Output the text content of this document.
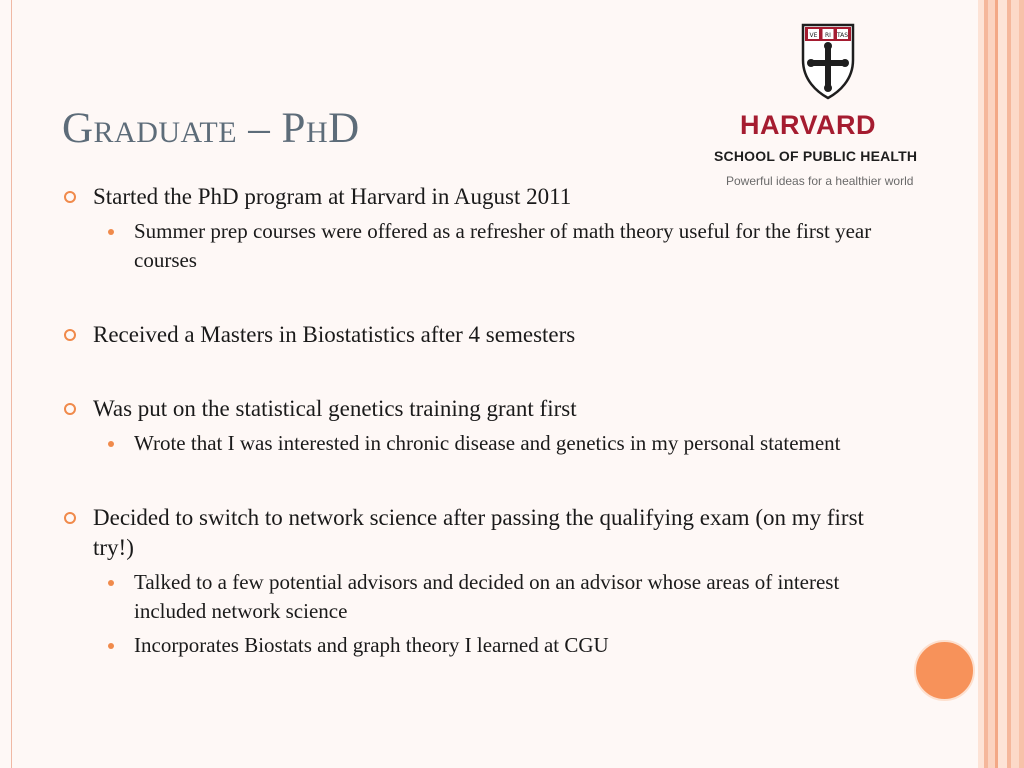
Graduate – PhD
VE RI TAS
HARVARD
SCHOOL OF PUBLIC HEALTH
Powerful ideas for a healthier world
Started the PhD program at Harvard in August 2011
Summer prep courses were offered as a refresher of math theory useful for the first year courses
Received a Masters in Biostatistics after 4 semesters
Was put on the statistical genetics training grant first
Wrote that I was interested in chronic disease and genetics in my personal statement
Decided to switch to network science after passing the qualifying exam (on my first try!)
Talked to a few potential advisors and decided on an advisor whose areas of interest included network science
Incorporates Biostats and graph theory I learned at CGU
